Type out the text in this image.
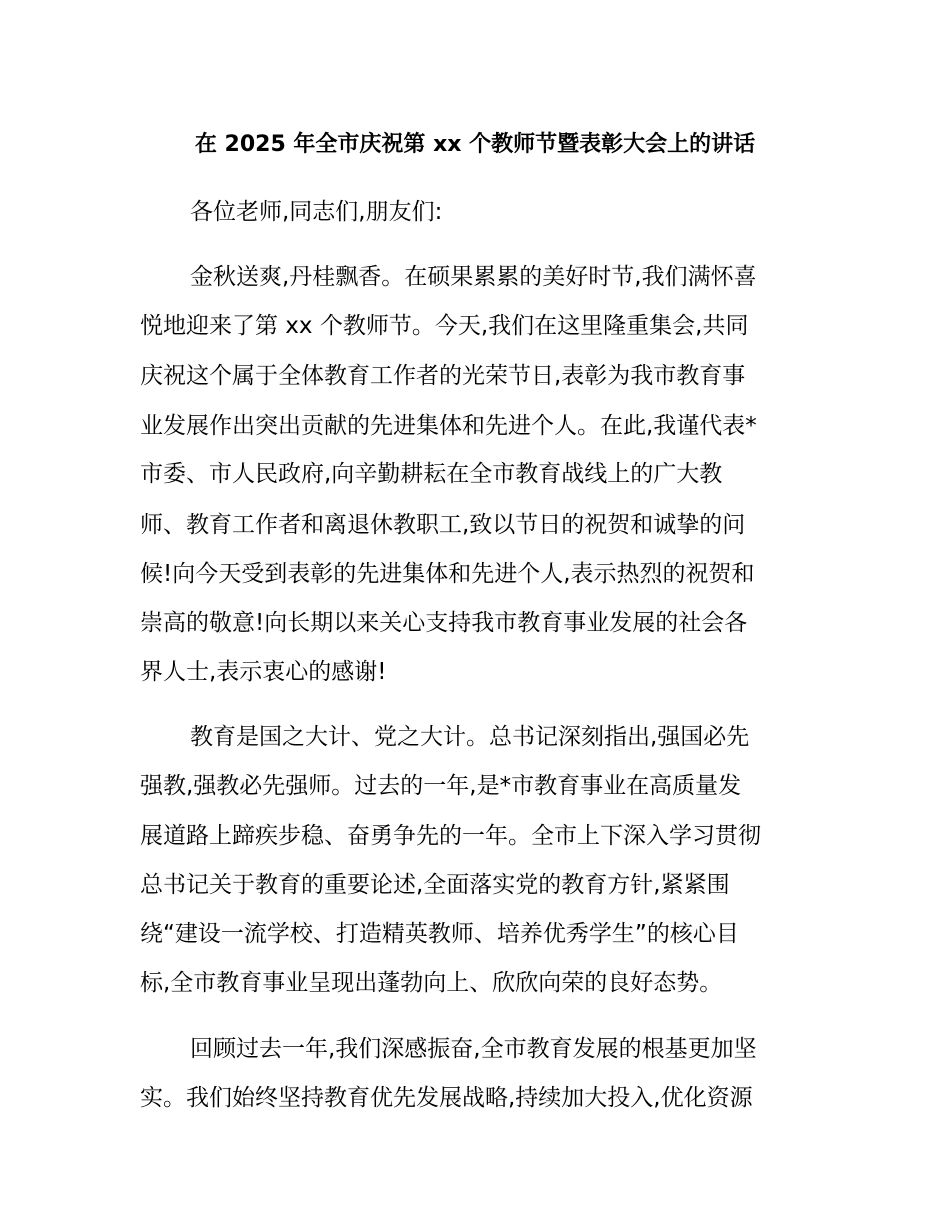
在 2025 年全市庆祝第 xx 个教师节暨表彰大会上的讲话
各位老师,同志们,朋友们:
金秋送爽,丹桂飘香。在硕果累累的美好时节,我们满怀喜
悦地迎来了第 xx 个教师节。今天,我们在这里隆重集会,共同
庆祝这个属于全体教育工作者的光荣节日,表彰为我市教育事
业发展作出突出贡献的先进集体和先进个人。在此,我谨代表*
市委、市人民政府,向辛勤耕耘在全市教育战线上的广大教
师、教育工作者和离退休教职工,致以节日的祝贺和诚挚的问
候!向今天受到表彰的先进集体和先进个人,表示热烈的祝贺和
崇高的敬意!向长期以来关心支持我市教育事业发展的社会各
界人士,表示衷心的感谢!
教育是国之大计、党之大计。总书记深刻指出,强国必先
强教,强教必先强师。过去的一年,是*市教育事业在高质量发
展道路上蹄疾步稳、奋勇争先的一年。全市上下深入学习贯彻
总书记关于教育的重要论述,全面落实党的教育方针,紧紧围
绕“建设一流学校、打造精英教师、培养优秀学生”的核心目
标,全市教育事业呈现出蓬勃向上、欣欣向荣的良好态势。
回顾过去一年,我们深感振奋,全市教育发展的根基更加坚
实。我们始终坚持教育优先发展战略,持续加大投入,优化资源
